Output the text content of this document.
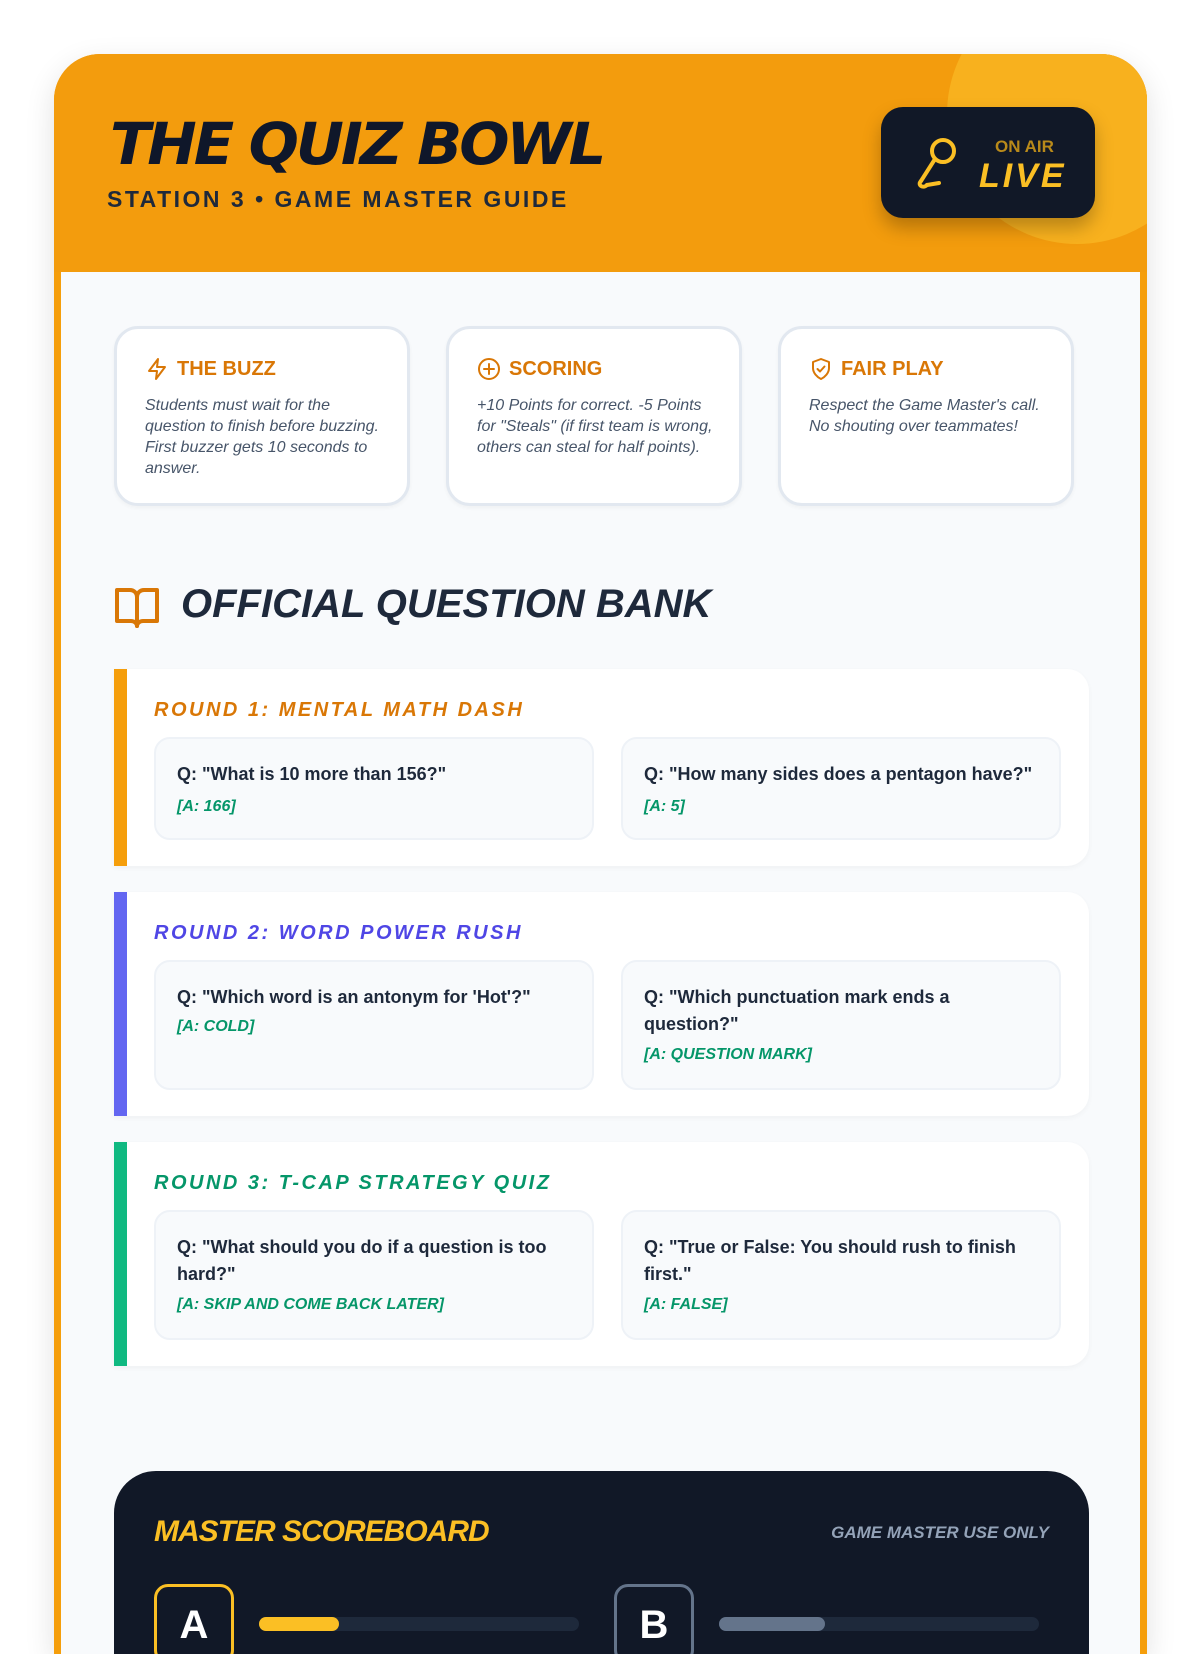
THE QUIZ BOWL
STATION 3 • GAME MASTER GUIDE
ON AIR
LIVE
THE BUZZ
Students must wait for the question to finish before buzzing. First buzzer gets 10 seconds to answer.
SCORING
+10 Points for correct. -5 Points for "Steals" (if first team is wrong, others can steal for half points).
FAIR PLAY
Respect the Game Master's call. No shouting over teammates!
OFFICIAL QUESTION BANK
ROUND 1: MENTAL MATH DASH
Q: "What is 10 more than 156?"
[A: 166]
Q: "How many sides does a pentagon have?"
[A: 5]
ROUND 2: WORD POWER RUSH
Q: "Which word is an antonym for 'Hot'?"
[A: COLD]
Q: "Which punctuation mark ends a question?"
[A: QUESTION MARK]
ROUND 3: T-CAP STRATEGY QUIZ
Q: "What should you do if a question is too hard?"
[A: SKIP AND COME BACK LATER]
Q: "True or False: You should rush to finish first."
[A: FALSE]
MASTER SCOREBOARD	GAME MASTER USE ONLY
A	B
